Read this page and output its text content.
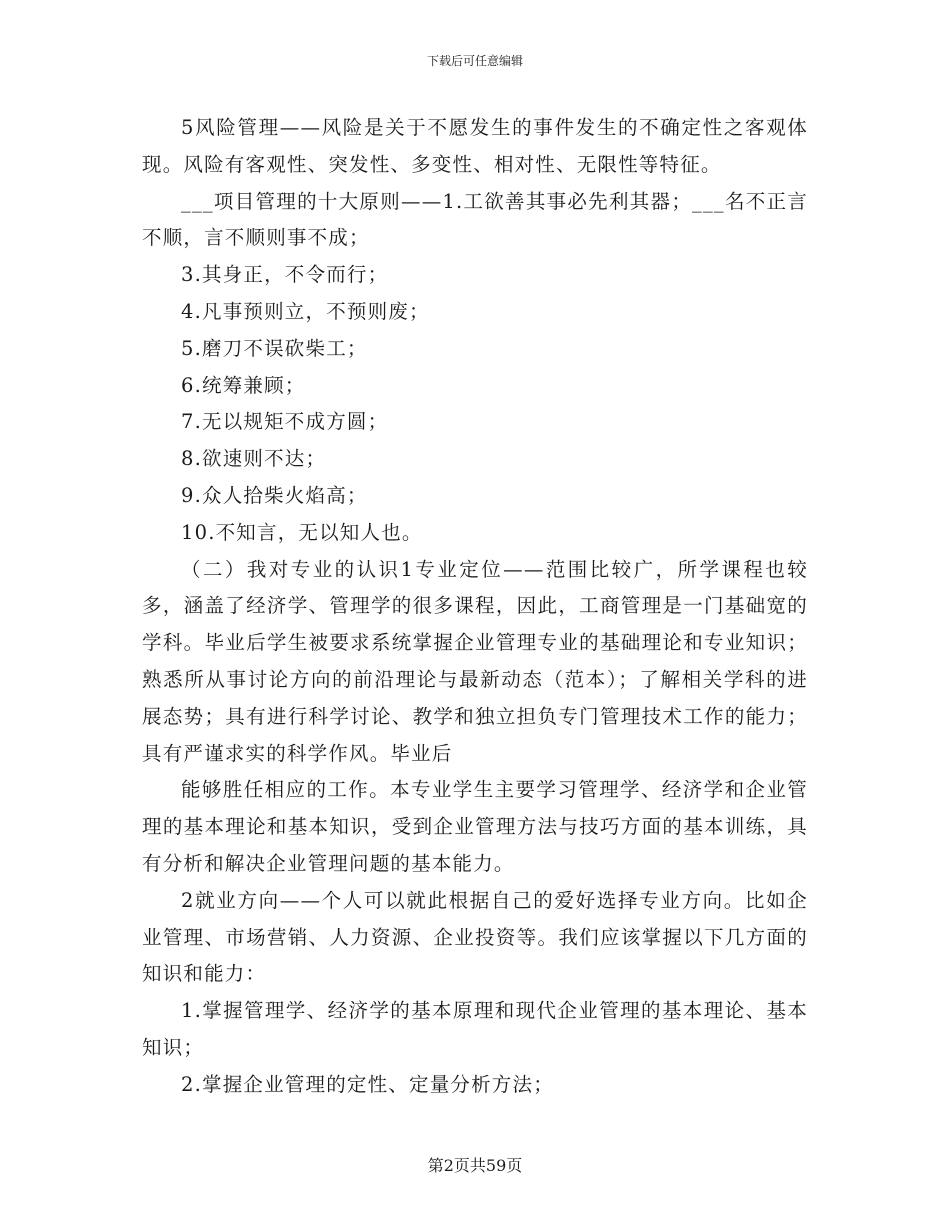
下载后可任意编辑

5风险管理——风险是关于不愿发生的事件发生的不确定性之客观体现。风险有客观性、突发性、多变性、相对性、无限性等特征。

___项目管理的十大原则——1.工欲善其事必先利其器；___名不正言不顺，言不顺则事不成；

3.其身正，不令而行；

4.凡事预则立，不预则废；

5.磨刀不误砍柴工；

6.统筹兼顾；

7.无以规矩不成方圆；

8.欲速则不达；

9.众人拾柴火焰高；

10.不知言，无以知人也。

（二）我对专业的认识1专业定位——范围比较广，所学课程也较多，涵盖了经济学、管理学的很多课程，因此，工商管理是一门基础宽的学科。毕业后学生被要求系统掌握企业管理专业的基础理论和专业知识；熟悉所从事讨论方向的前沿理论与最新动态（范本）；了解相关学科的进展态势；具有进行科学讨论、教学和独立担负专门管理技术工作的能力；具有严谨求实的科学作风。毕业后

能够胜任相应的工作。本专业学生主要学习管理学、经济学和企业管理的基本理论和基本知识，受到企业管理方法与技巧方面的基本训练，具有分析和解决企业管理问题的基本能力。

2就业方向——个人可以就此根据自己的爱好选择专业方向。比如企业管理、市场营销、人力资源、企业投资等。我们应该掌握以下几方面的知识和能力：

1.掌握管理学、经济学的基本原理和现代企业管理的基本理论、基本知识；

2.掌握企业管理的定性、定量分析方法；

第2页共59页
